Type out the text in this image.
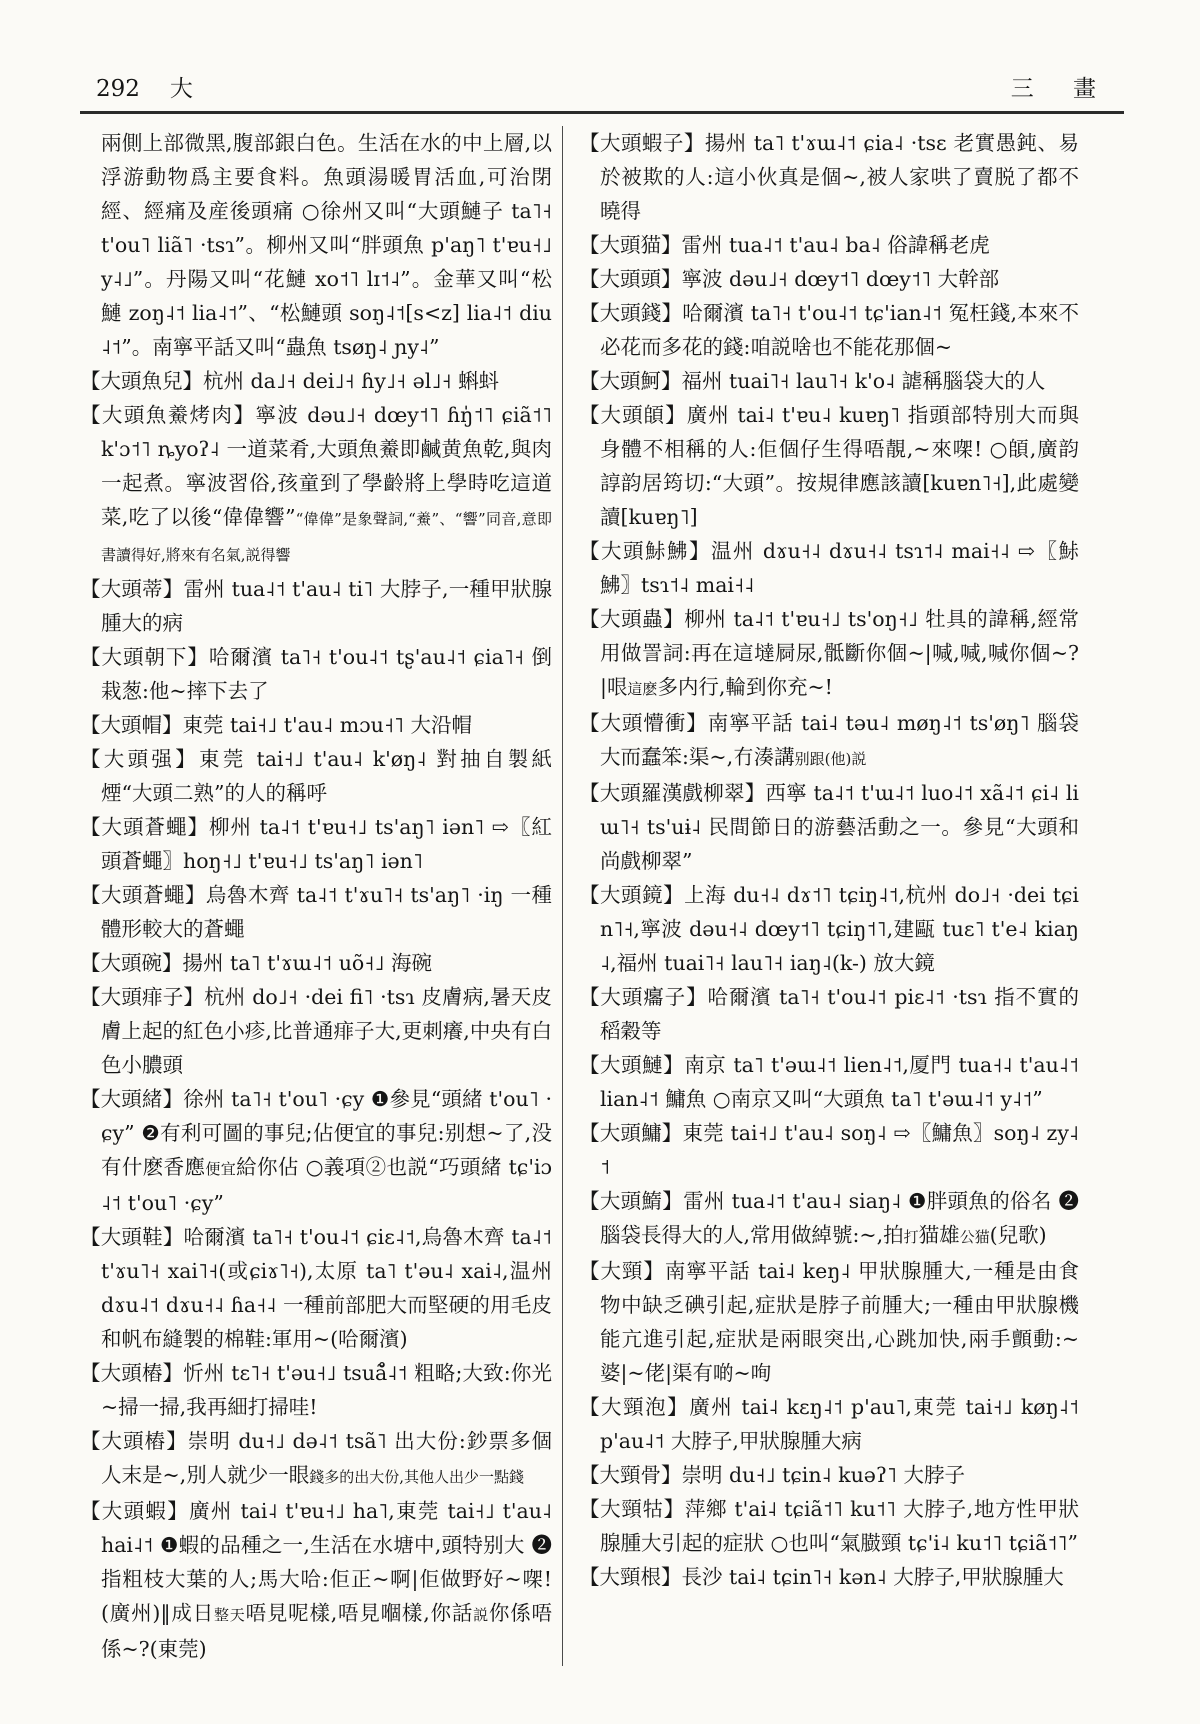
292 大	三 畫

兩側上部微黑,腹部銀白色。生活在水的中上層,以浮游動物爲主要食料。魚頭湯暖胃活血,可治閉經、經痛及産後頭痛 ○徐州又叫“大頭鰱子 ta˥˧ t'ou˥ liã˥ ·tsɿ”。柳州又叫“胖頭魚 p'aŋ˥ t'ɐu˧˩ y˨˩”。丹陽又叫“花鰱 xo˦˥ lɪ˦˨”。金華又叫“松鰱 zoŋ˨˦ lia˨˦”、“松鰱頭 soŋ˨˦[s<z] lia˨˦ diu˨˦”。南寧平話又叫“蟲魚 tsøŋ˨ ɲy˨”

【大頭魚兒】杭州 da˩˧ dei˩˧ ɦy˩˧ əl˩˧ 蝌蚪

【大頭魚鯗烤肉】寧波 dəu˩˧ dœy˦˥ ɦŋ̍˦˥ ɕiã˦˥ k'ɔ˦˥ ȵyoʔ˨ 一道菜肴,大頭魚鯗即鹹黄魚乾,與肉一起煮。寧波習俗,孩童到了學齡將上學時吃這道菜,吃了以後“偉偉響”“偉偉”是象聲詞,“鯗”、“響”同音,意即書讀得好,將來有名氣,説得響

【大頭蒂】雷州 tua˨˦ t'au˨ ti˥ 大脖子,一種甲狀腺腫大的病

【大頭朝下】哈爾濱 ta˥˧ t'ou˨˦ tʂ'au˨˦ ɕia˥˧ 倒栽葱:他~摔下去了

【大頭帽】東莞 tai˧˩ t'au˨ mɔu˧˥ 大沿帽

【大頭强】東莞 tai˧˩ t'au˨ k'øŋ˨ 對抽自製紙煙“大頭二熟”的人的稱呼

【大頭蒼蠅】柳州 ta˨˦ t'ɐu˧˩ ts'aŋ˥ iən˥ ⇨〖紅頭蒼蠅〗hoŋ˧˩ t'ɐu˧˩ ts'aŋ˥ iən˥

【大頭蒼蠅】烏魯木齊 ta˨˦ t'ɤu˥˧ ts'aŋ˥ ·iŋ 一種體形較大的蒼蠅

【大頭碗】揚州 ta˥ t'ɤɯ˨˦ uõ˧˩ 海碗

【大頭痱子】杭州 do˩˧ ·dei fi˥ ·tsɿ 皮膚病,暑天皮膚上起的紅色小疹,比普通痱子大,更刺癢,中央有白色小膿頭

【大頭緒】徐州 ta˥˧ t'ou˥ ·ɕy ❶參見“頭緒 t'ou˥ ·ɕy” ❷有利可圖的事兒;佔便宜的事兒:别想~了,没有什麽香應便宜給你佔 ○義項②也説“巧頭緒 tɕ'iɔ˨˦ t'ou˥ ·ɕy”

【大頭鞋】哈爾濱 ta˥˧ t'ou˨˦ ɕiɛ˨˦,烏魯木齊 ta˨˦ t'ɤu˥˧ xai˥˧(或ɕiɤ˥˧),太原 ta˥ t'əu˨ xai˨,温州 dɤu˨˦ dɤu˧˨ ɦa˧˨ 一種前部肥大而堅硬的用毛皮和帆布縫製的棉鞋:軍用~(哈爾濱)

【大頭樁】忻州 tɛ˥˧ t'əu˧˩ tsuã̊˨˦ 粗略;大致:你光~掃一掃,我再細打掃哇!

【大頭樁】崇明 du˧˩ də˨˦ tsã˥ 出大份:鈔票多個人末是~,別人就少一眼錢多的出大份,其他人出少一點錢

【大頭蝦】廣州 tai˨ t'ɐu˧˩ ha˥,東莞 tai˧˩ t'au˨ hai˨˦ ❶蝦的品種之一,生活在水塘中,頭特别大 ❷指粗枝大葉的人;馬大哈:佢正~啊|佢做野好~㗎!(廣州)‖成日整天唔見呢樣,唔見嗰樣,你話説你係唔係~?(東莞)

【大頭蝦子】揚州 ta˥ t'ɤɯ˨˦ ɕia˨ ·tsɛ 老實愚鈍、易於被欺的人:這小伙真是個~,被人家哄了賣脱了都不曉得

【大頭猫】雷州 tua˨˦ t'au˨ ba˨ 俗諱稱老虎

【大頭頭】寧波 dəu˩˧ dœy˦˥ dœy˦˥ 大幹部

【大頭錢】哈爾濱 ta˥˧ t'ou˨˦ tɕ'ian˨˦ 冤枉錢,本來不必花而多花的錢:咱説啥也不能花那個~

【大頭魺】福州 tuai˥˧ lau˥˧ k'o˨ 謔稱腦袋大的人

【大頭頧】廣州 tai˨ t'ɐu˨ kuɐŋ˥ 指頭部特別大而與身體不相稱的人:佢個仔生得唔靚,~來㗎! ○頧,廣韵諄韵居筠切:“大頭”。按規律應該讀[kuɐn˥˧],此處變讀[kuɐŋ˥]

【大頭鮛鮄】温州 dɤu˧˨ dɤu˧˨ tsɿ˦˨ mai˧˨ ⇨〖鮛鮄〗tsɿ˦˨ mai˧˨

【大頭蟲】柳州 ta˨˦ t'ɐu˧˩ ts'oŋ˧˩ 牡具的諱稱,經常用做詈詞:再在這墶屙尿,骶斷你個~|喊,喊,喊你個~? |哏這麽多内行,輪到你充~!

【大頭懵衝】南寧平話 tai˨ təu˨ møŋ˨˦ ts'øŋ˥ 腦袋大而蠢笨:渠~,冇湊講别跟(他)説

【大頭羅漢戲柳翠】西寧 ta˨˦ t'ɯ˨˦ luo˨˦ xã˨˦ ɕi˨ liɯ˥˧ ts'uɨ˨ 民間節日的游藝活動之一。參見“大頭和尚戲柳翠”

【大頭鏡】上海 du˧˨ dɤ˦˥ tɕiŋ˨˦,杭州 do˩˧ ·dei tɕin˥˧,寧波 dəu˧˨ dœy˦˥ tɕiŋ˦˥,建甌 tuɛ˥ t'e˨ kiaŋ˨,福州 tuai˥˧ lau˥˧ iaŋ˨(k-) 放大鏡

【大頭癟子】哈爾濱 ta˥˧ t'ou˨˦ piɛ˨˦ ·tsɿ 指不實的稻穀等

【大頭鰱】南京 ta˥ t'əɯ˨˦ lien˨˦,厦門 tua˧˨ t'au˨˦ lian˨˦ 鱅魚 ○南京又叫“大頭魚 ta˥ t'əɯ˨˦ y˨˦”

【大頭鱅】東莞 tai˧˩ t'au˨ soŋ˨ ⇨〖鱅魚〗soŋ˨ zy˨˦

【大頭鰖】雷州 tua˨˦ t'au˨ siaŋ˨ ❶胖頭魚的俗名 ❷腦袋長得大的人,常用做綽號:~,拍打猫雄公猫(兒歌)

【大頸】南寧平話 tai˨ keŋ˨ 甲狀腺腫大,一種是由食物中缺乏碘引起,症狀是脖子前腫大;一種由甲狀腺機能亢進引起,症狀是兩眼突出,心跳加快,兩手顫動:~婆|~佬|渠有啲~咰

【大頸泡】廣州 tai˨ kɛŋ˨˦ p'au˥,東莞 tai˧˩ køŋ˨˦ p'au˨˦ 大脖子,甲狀腺腫大病

【大頸骨】崇明 du˧˩ tɕin˨ kuəʔ˥ 大脖子

【大頸牯】萍鄉 t'ai˨ tɕiã˦˥ ku˦˥ 大脖子,地方性甲狀腺腫大引起的症狀 ○也叫“氣臌頸 tɕ'i˨ ku˦˥ tɕiã˦˥”

【大頸根】長沙 tai˨ tɕin˥˧ kən˨ 大脖子,甲狀腺腫大
